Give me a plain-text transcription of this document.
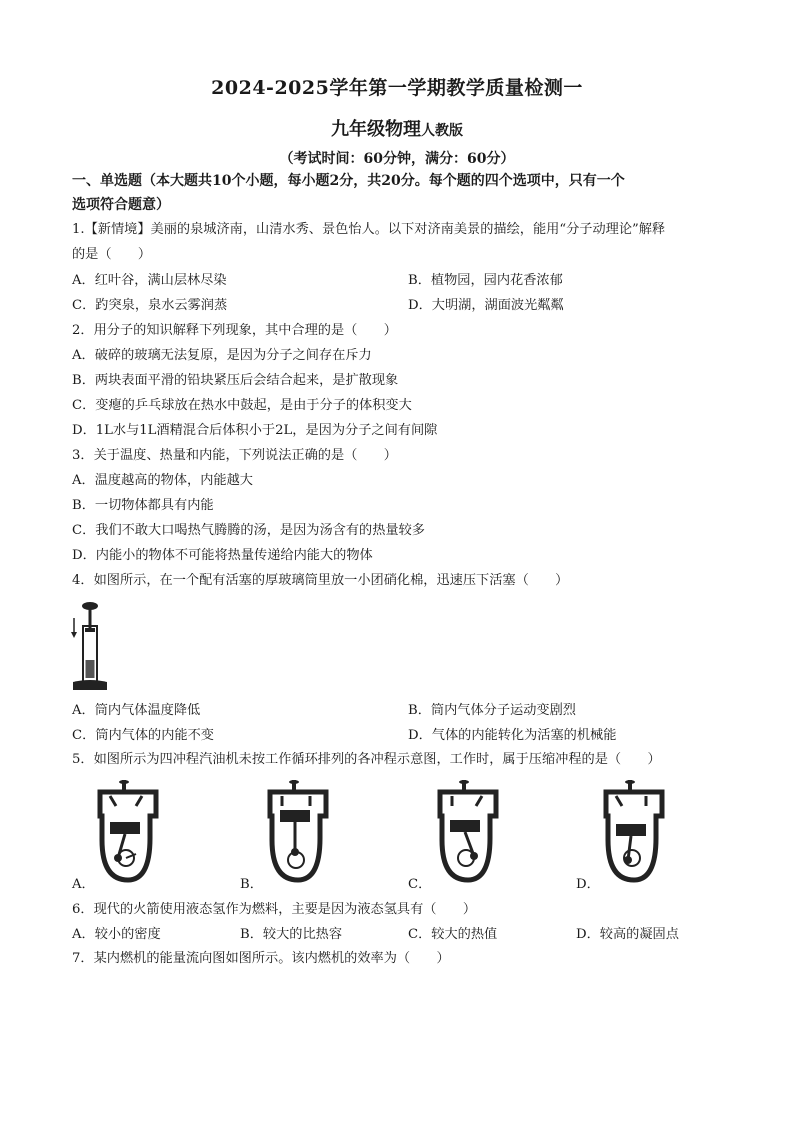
2024-2025学年第一学期教学质量检测一
九年级物理人教版
（考试时间：60分钟，满分：60分）
一、单选题（本大题共10个小题，每小题2分，共20分。每个题的四个选项中，只有一个
选项符合题意）
1.【新情境】美丽的泉城济南，山清水秀、景色怡人。以下对济南美景的描绘，能用“分子动理论”解释
的是（　　）
A．红叶谷，满山层林尽染	B．植物园，园内花香浓郁
C．趵突泉，泉水云雾润蒸	D．大明湖，湖面波光粼粼
2．用分子的知识解释下列现象，其中合理的是（　　）
A．破碎的玻璃无法复原，是因为分子之间存在斥力
B．两块表面平滑的铅块紧压后会结合起来，是扩散现象
C．变瘪的乒乓球放在热水中鼓起，是由于分子的体积变大
D．1L水与1L酒精混合后体积小于2L，是因为分子之间有间隙
3．关于温度、热量和内能，下列说法正确的是（　　）
A．温度越高的物体，内能越大
B．一切物体都具有内能
C．我们不敢大口喝热气腾腾的汤，是因为汤含有的热量较多
D．内能小的物体不可能将热量传递给内能大的物体
4．如图所示，在一个配有活塞的厚玻璃筒里放一小团硝化棉，迅速压下活塞（　　）
A．筒内气体温度降低	B．筒内气体分子运动变剧烈
C．筒内气体的内能不变	D．气体的内能转化为活塞的机械能
5．如图所示为四冲程汽油机未按工作循环排列的各冲程示意图，工作时，属于压缩冲程的是（　　）
A．	B．	C．	D．
6．现代的火箭使用液态氢作为燃料，主要是因为液态氢具有（　　）
A．较小的密度	B．较大的比热容	C．较大的热值	D．较高的凝固点
7．某内燃机的能量流向图如图所示。该内燃机的效率为（　　）
